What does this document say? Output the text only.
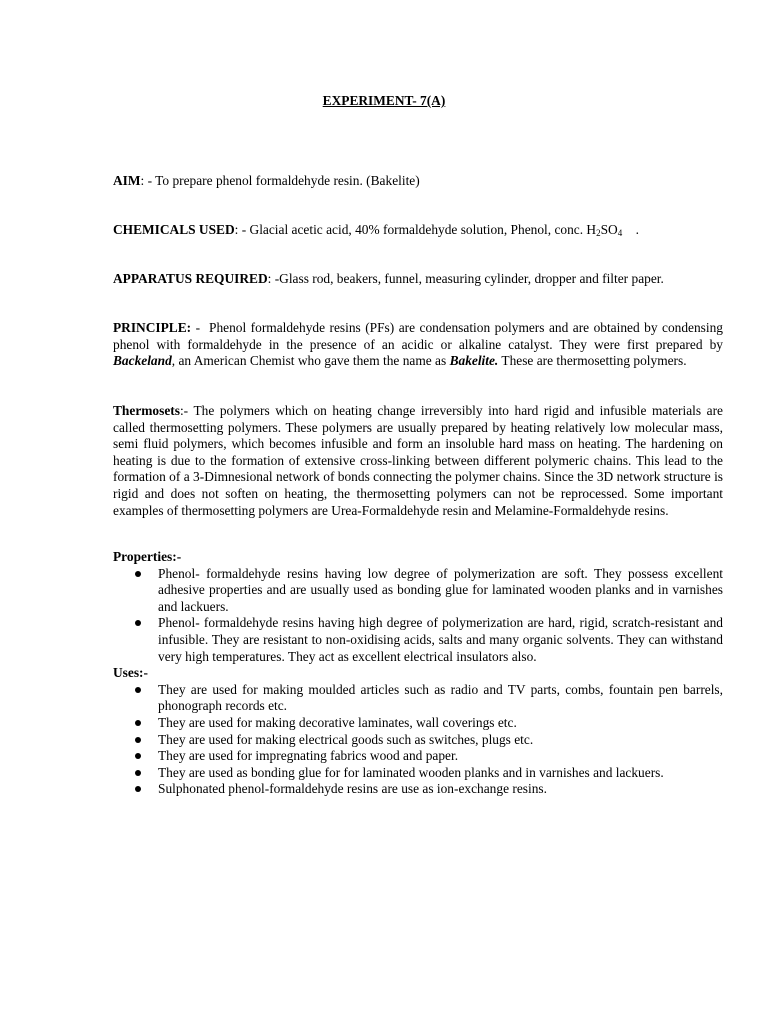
EXPERIMENT- 7(A)
AIM: - To prepare phenol formaldehyde resin. (Bakelite)
CHEMICALS USED: - Glacial acetic acid, 40% formaldehyde solution, Phenol, conc. $H_2SO_4$    .
APPARATUS REQUIRED: -Glass rod, beakers, funnel, measuring cylinder, dropper and filter paper.
PRINCIPLE: -  Phenol formaldehyde resins (PFs) are condensation polymers and are obtained by condensing phenol with formaldehyde in the presence of an acidic or alkaline catalyst. They were first prepared by Backeland, an American Chemist who gave them the name as Bakelite. These are thermosetting polymers.
Thermosets:- The polymers which on heating change irreversibly into hard rigid and infusible materials are called thermosetting polymers. These polymers are usually prepared by heating relatively low molecular mass, semi fluid polymers, which becomes infusible and form an insoluble hard mass on heating. The hardening on heating is due to the formation of extensive cross-linking between different polymeric chains. This lead to the formation of a 3-Dimnesional network of bonds connecting the polymer chains. Since the 3D network structure is rigid and does not soften on heating, the thermosetting polymers can not be reprocessed. Some important examples of thermosetting polymers are Urea-Formaldehyde resin and Melamine-Formaldehyde resins.
Properties:-
Phenol- formaldehyde resins having low degree of polymerization are soft. They possess excellent adhesive properties and are usually used as bonding glue for laminated wooden planks and in varnishes and lackuers.
Phenol- formaldehyde resins having high degree of polymerization are hard, rigid, scratch-resistant and infusible. They are resistant to non-oxidising acids, salts and many organic solvents. They can withstand very high temperatures. They act as excellent electrical insulators also.
Uses:-
They are used for making moulded articles such as radio and TV parts, combs, fountain pen barrels, phonograph records etc.
They are used for making decorative laminates, wall coverings etc.
They are used for making electrical goods such as switches, plugs etc.
They are used for impregnating fabrics wood and paper.
They are used as bonding glue for for laminated wooden planks and in varnishes and lackuers.
Sulphonated phenol-formaldehyde resins are use as ion-exchange resins.
